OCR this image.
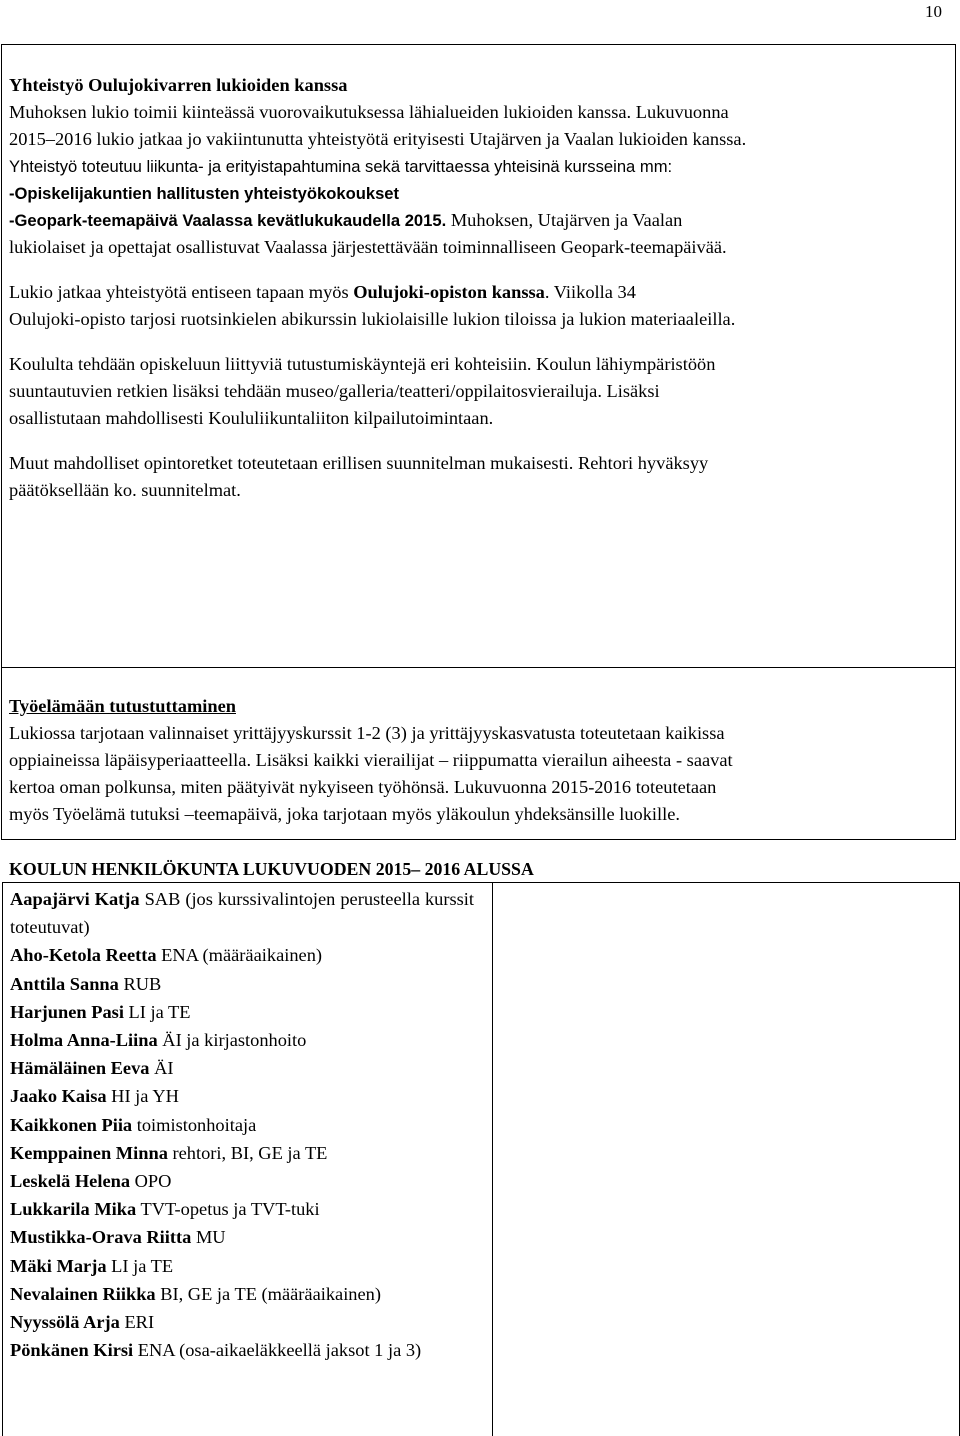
10

Yhteistyö Oulujokivarren lukioiden kanssa

Muhoksen lukio toimii kiinteässä vuorovaikutuksessa lähialueiden lukioiden kanssa. Lukuvuonna

2015–2016 lukio jatkaa jo vakiintunutta yhteistyötä erityisesti Utajärven ja Vaalan lukioiden kanssa.

Yhteistyö toteutuu liikunta- ja erityistapahtumina sekä tarvittaessa yhteisinä kursseina mm:

-Opiskelijakuntien hallitusten yhteistyökokoukset

-Geopark-teemapäivä Vaalassa kevätlukukaudella 2015. Muhoksen, Utajärven ja Vaalan

lukiolaiset ja opettajat osallistuvat Vaalassa järjestettävään toiminnalliseen Geopark-teemapäivää.

Lukio jatkaa yhteistyötä entiseen tapaan myös Oulujoki-opiston kanssa. Viikolla 34

Oulujoki-opisto tarjosi ruotsinkielen abikurssin lukiolaisille lukion tiloissa ja lukion materiaaleilla.

Koululta tehdään opiskeluun liittyviä tutustumiskäyntejä eri kohteisiin. Koulun lähiympäristöön

suuntautuvien retkien lisäksi tehdään museo/galleria/teatteri/oppilaitosvierailuja. Lisäksi

osallistutaan mahdollisesti Koululiikuntaliiton kilpailutoimintaan.

Muut mahdolliset opintoretket toteutetaan erillisen suunnitelman mukaisesti. Rehtori hyväksyy

päätöksellään ko. suunnitelmat.

Työelämään tutustuttaminen

Lukiossa tarjotaan valinnaiset yrittäjyyskurssit 1-2 (3) ja yrittäjyyskasvatusta toteutetaan kaikissa

oppiaineissa läpäisyperiaatteella. Lisäksi kaikki vierailijat – riippumatta vierailun aiheesta - saavat

kertoa oman polkunsa, miten päätyivät nykyiseen työhönsä. Lukuvuonna 2015-2016 toteutetaan

myös Työelämä tutuksi –teemapäivä, joka tarjotaan myös yläkoulun yhdeksänsille luokille.

KOULUN HENKILÖKUNTA LUKUVUODEN 2015– 2016 ALUSSA
Aapajärvi Katja SAB (jos kurssivalintojen perusteella kurssit toteutuvat)
Aho-Ketola Reetta ENA (määräaikainen)
Anttila Sanna RUB
Harjunen Pasi LI ja TE
Holma Anna-Liina ÄI ja kirjastonhoito
Hämäläinen Eeva ÄI
Jaako Kaisa HI ja YH
Kaikkonen Piia toimistonhoitaja
Kemppainen Minna rehtori, BI, GE ja TE
Leskelä Helena OPO
Lukkarila Mika TVT-opetus ja TVT-tuki
Mustikka-Orava Riitta MU
Mäki Marja LI ja TE
Nevalainen Riikka BI, GE ja TE (määräaikainen)
Nyyssölä Arja ERI
Pönkänen Kirsi ENA (osa-aikaeläkkeellä jaksot 1 ja 3)
